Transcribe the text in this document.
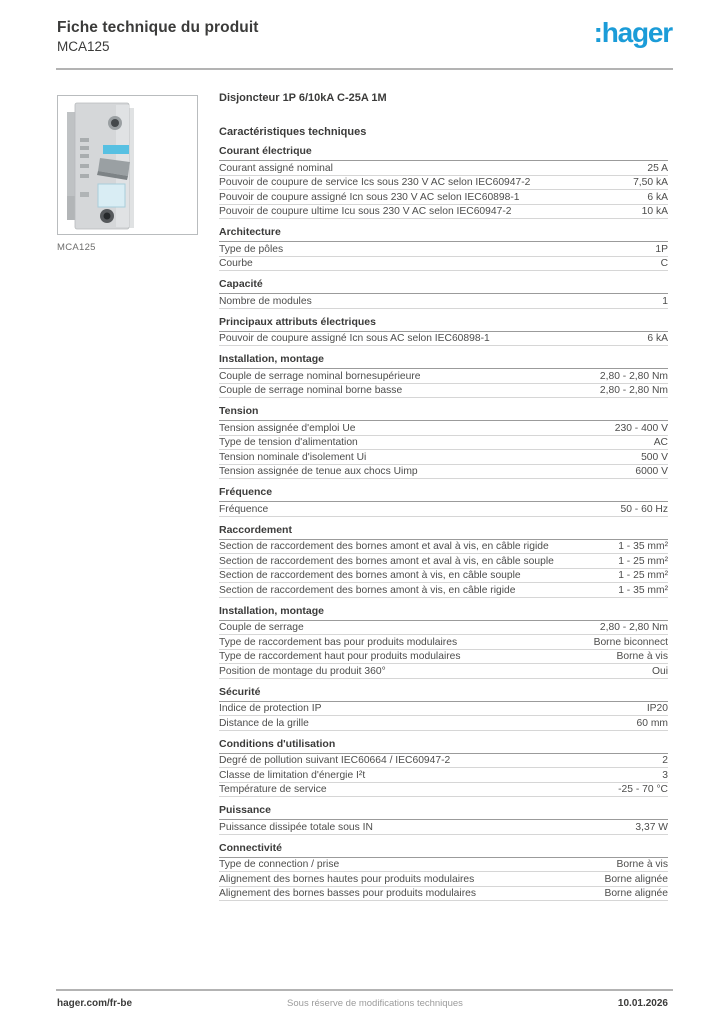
Fiche technique du produit
MCA125	:hager
MCA125
Disjoncteur 1P 6/10kA C-25A 1M
Caractéristiques techniques
Courant électrique
Courant assigné nominal	25 A
Pouvoir de coupure de service Ics sous 230 V AC selon IEC60947-2	7,50 kA
Pouvoir de coupure assigné Icn sous 230 V AC selon IEC60898-1	6 kA
Pouvoir de coupure ultime Icu sous 230 V AC selon IEC60947-2	10 kA
Architecture
Type de pôles	1P
Courbe	C
Capacité
Nombre de modules	1
Principaux attributs électriques
Pouvoir de coupure assigné Icn sous AC selon IEC60898-1	6 kA
Installation, montage
Couple de serrage nominal bornesupérieure	2,80 - 2,80 Nm
Couple de serrage nominal borne basse	2,80 - 2,80 Nm
Tension
Tension assignée d'emploi Ue	230 - 400 V
Type de tension d'alimentation	AC
Tension nominale d'isolement Ui	500 V
Tension assignée de tenue aux chocs Uimp	6000 V
Fréquence
Fréquence	50 - 60 Hz
Raccordement
Section de raccordement des bornes amont et aval à vis, en câble rigide	1 - 35 mm²
Section de raccordement des bornes amont et aval à vis, en câble souple	1 - 25 mm²
Section de raccordement des bornes amont à vis, en câble souple	1 - 25 mm²
Section de raccordement des bornes amont à vis, en câble rigide	1 - 35 mm²
Installation, montage
Couple de serrage	2,80 - 2,80 Nm
Type de raccordement bas pour produits modulaires	Borne biconnect
Type de raccordement haut pour produits modulaires	Borne à vis
Position de montage du produit 360°	Oui
Sécurité
Indice de protection IP	IP20
Distance de la grille	60 mm
Conditions d'utilisation
Degré de pollution suivant IEC60664 / IEC60947-2	2
Classe de limitation d'énergie I²t	3
Température de service	-25 - 70 °C
Puissance
Puissance dissipée totale sous IN	3,37 W
Connectivité
Type de connection / prise	Borne à vis
Alignement des bornes hautes pour produits modulaires	Borne alignée
Alignement des bornes basses pour produits modulaires	Borne alignée
hager.com/fr-be	Sous réserve de modifications techniques	10.01.2026
